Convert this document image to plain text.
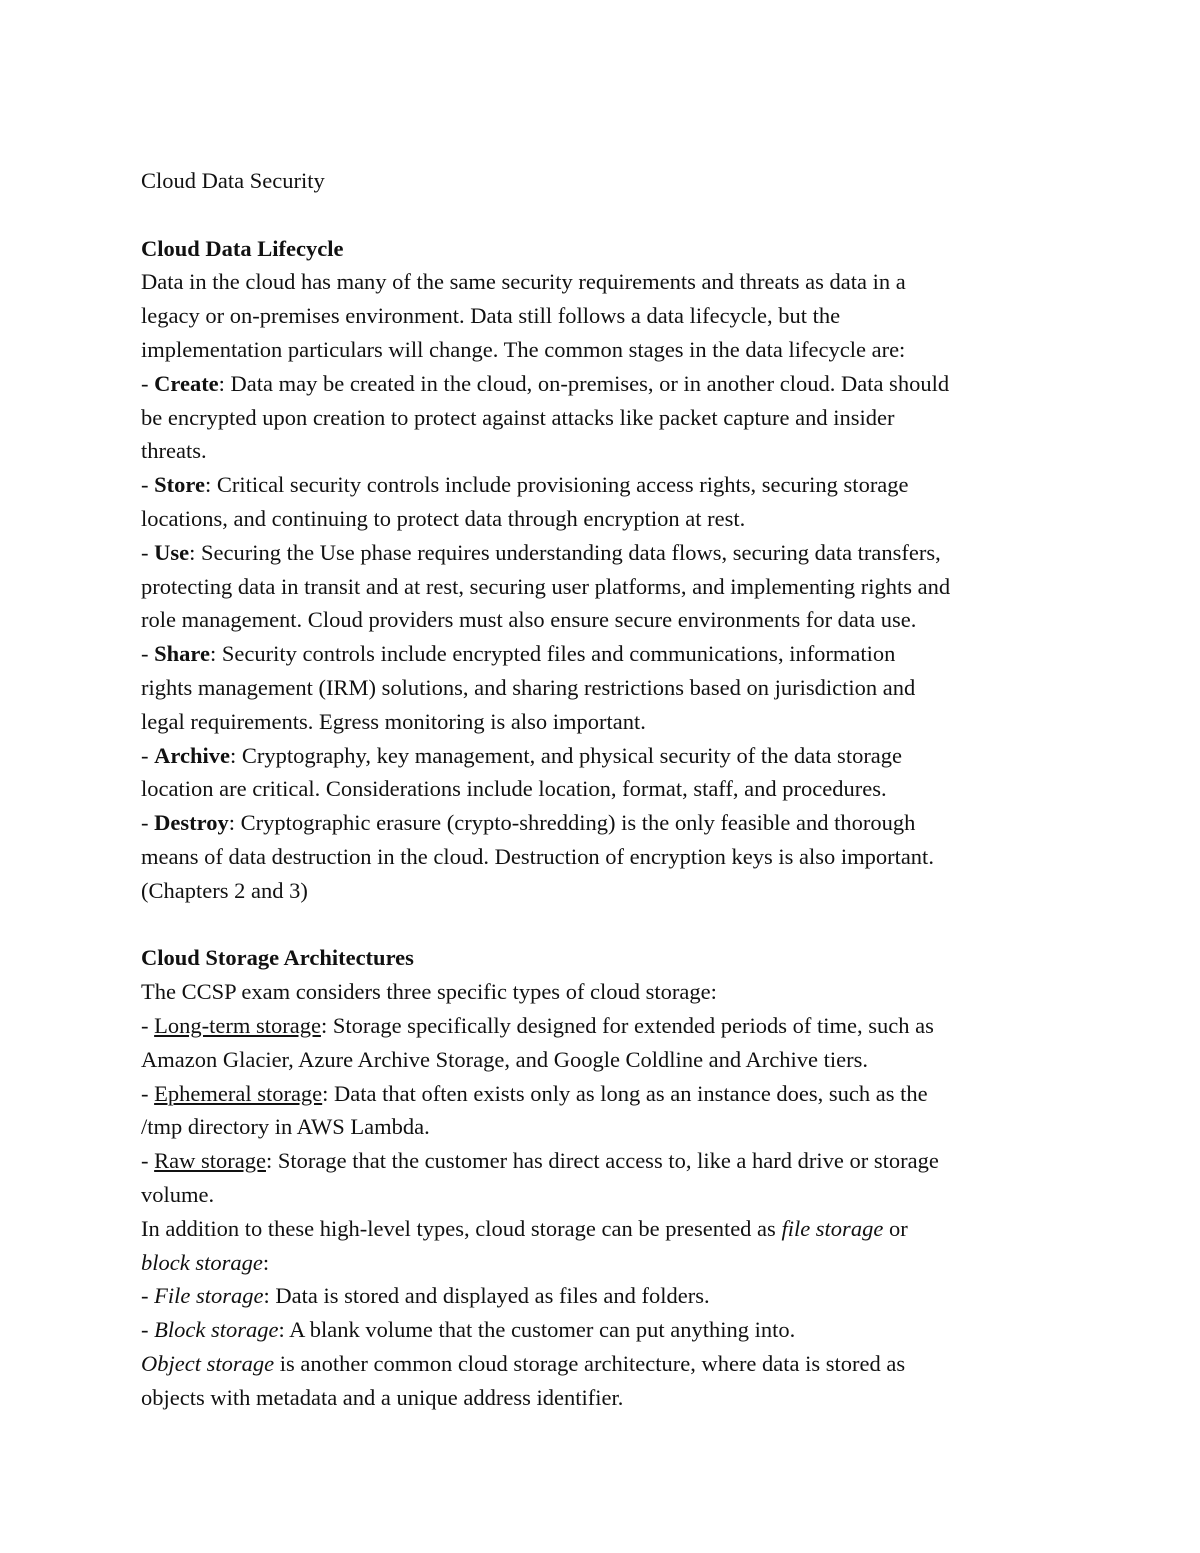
Cloud Data Security
Cloud Data Lifecycle
Data in the cloud has many of the same security requirements and threats as data in a
legacy or on-premises environment. Data still follows a data lifecycle, but the
implementation particulars will change. The common stages in the data lifecycle are:
- Create: Data may be created in the cloud, on-premises, or in another cloud. Data should
be encrypted upon creation to protect against attacks like packet capture and insider
threats.
- Store: Critical security controls include provisioning access rights, securing storage
locations, and continuing to protect data through encryption at rest.
- Use: Securing the Use phase requires understanding data flows, securing data transfers,
protecting data in transit and at rest, securing user platforms, and implementing rights and
role management. Cloud providers must also ensure secure environments for data use.
- Share: Security controls include encrypted files and communications, information
rights management (IRM) solutions, and sharing restrictions based on jurisdiction and
legal requirements. Egress monitoring is also important.
- Archive: Cryptography, key management, and physical security of the data storage
location are critical. Considerations include location, format, staff, and procedures.
- Destroy: Cryptographic erasure (crypto-shredding) is the only feasible and thorough
means of data destruction in the cloud. Destruction of encryption keys is also important.
(Chapters 2 and 3)
Cloud Storage Architectures
The CCSP exam considers three specific types of cloud storage:
- Long-term storage: Storage specifically designed for extended periods of time, such as
Amazon Glacier, Azure Archive Storage, and Google Coldline and Archive tiers.
- Ephemeral storage: Data that often exists only as long as an instance does, such as the
/tmp directory in AWS Lambda.
- Raw storage: Storage that the customer has direct access to, like a hard drive or storage
volume.
In addition to these high-level types, cloud storage can be presented as file storage or
block storage:
- File storage: Data is stored and displayed as files and folders.
- Block storage: A blank volume that the customer can put anything into.
Object storage is another common cloud storage architecture, where data is stored as
objects with metadata and a unique address identifier.
